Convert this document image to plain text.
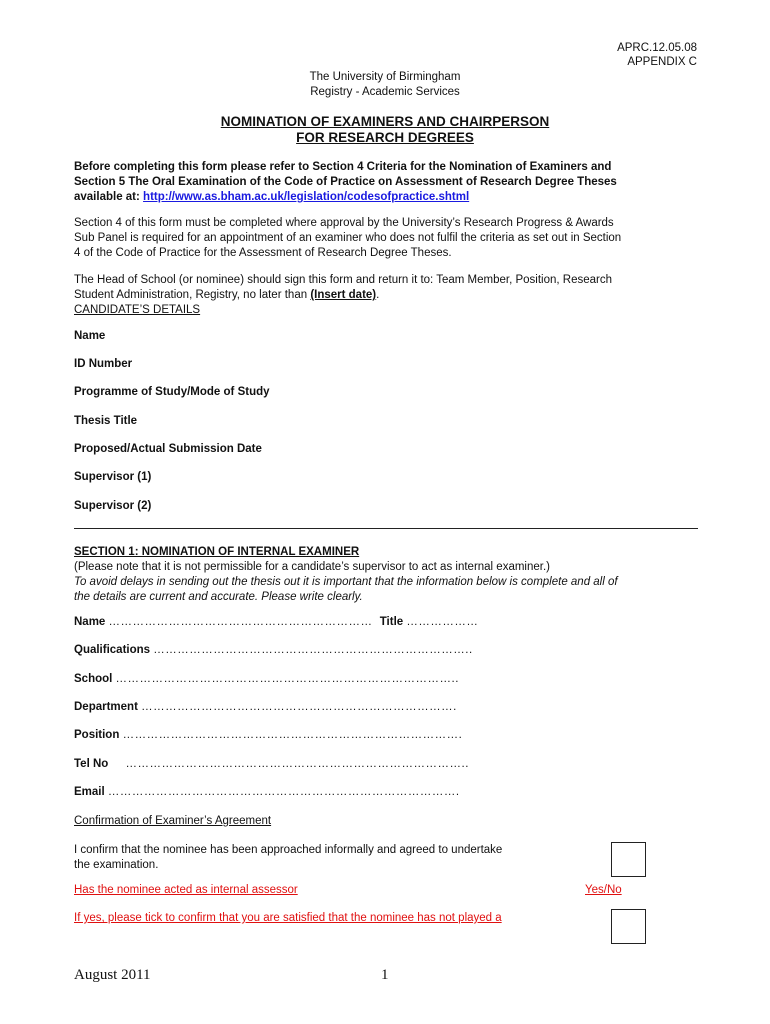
APRC.12.05.08
APPENDIX C
The University of Birmingham
Registry - Academic Services
NOMINATION OF EXAMINERS AND CHAIRPERSON
FOR RESEARCH DEGREES
Before completing this form please refer to Section 4 Criteria for the Nomination of Examiners and
Section 5 The Oral Examination of the Code of Practice on Assessment of Research Degree Theses
available at: http://www.as.bham.ac.uk/legislation/codesofpractice.shtml
Section 4 of this form must be completed where approval by the University’s Research Progress & Awards
Sub Panel is required for an appointment of an examiner who does not fulfil the criteria as set out in Section
4 of the Code of Practice for the Assessment of Research Degree Theses.
The Head of School (or nominee) should sign this form and return it to: Team Member, Position, Research
Student Administration, Registry, no later than (Insert date).
CANDIDATE’S DETAILS
Name
ID Number
Programme of Study/Mode of Study
Thesis Title
Proposed/Actual Submission Date
Supervisor (1)
Supervisor (2)
SECTION 1: NOMINATION OF INTERNAL EXAMINER
(Please note that it is not permissible for a candidate’s supervisor to act as internal examiner.)
To avoid delays in sending out the thesis out it is important that the information below is complete and all of
the details are current and accurate. Please write clearly.
Name ………………………………………………………… Title ………………
Qualifications ……………………………………………………………………..
School …………………………………………………………………………..
Department …………………………………………………………………….
Position ………………………………………………………………………….
Tel No …………………………………………………………………………..
Email …………………………………………………………………………….
Confirmation of Examiner’s Agreement
I confirm that the nominee has been approached informally and agreed to undertake
the examination.
Has the nominee acted as internal assessor	Yes/No
If yes, please tick to confirm that you are satisfied that the nominee has not played a
August 2011	1
